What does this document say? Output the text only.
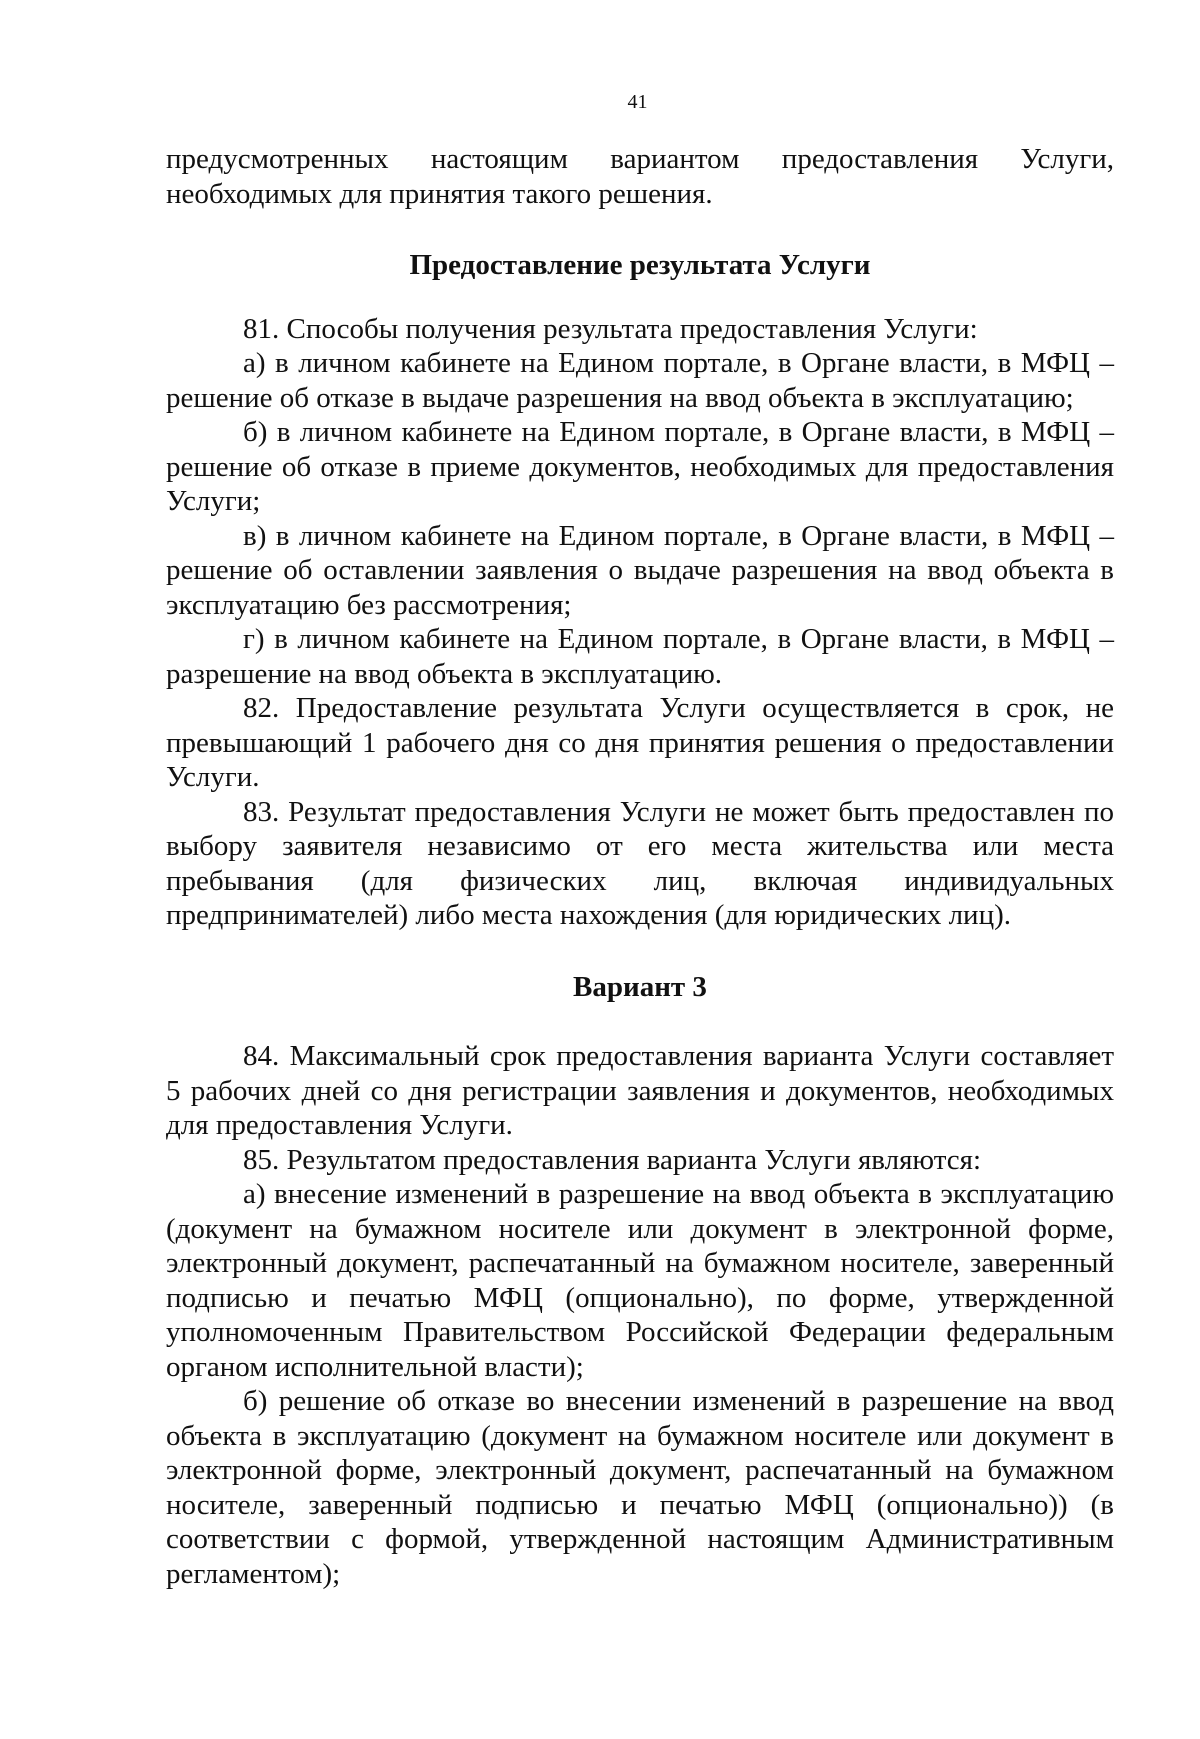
41

предусмотренных настоящим вариантом предоставления Услуги,

необходимых для принятия такого решения.

Предоставление результата Услуги

81. Способы получения результата предоставления Услуги:

а) в личном кабинете на Едином портале, в Органе власти, в МФЦ – решение об отказе в выдаче разрешения на ввод объекта в эксплуатацию;

б) в личном кабинете на Едином портале, в Органе власти, в МФЦ – решение об отказе в приеме документов, необходимых для предоставления Услуги;

в) в личном кабинете на Едином портале, в Органе власти, в МФЦ – решение об оставлении заявления о выдаче разрешения на ввод объекта в эксплуатацию без рассмотрения;

г) в личном кабинете на Едином портале, в Органе власти, в МФЦ – разрешение на ввод объекта в эксплуатацию.

82. Предоставление результата Услуги осуществляется в срок, не превышающий 1 рабочего дня со дня принятия решения о предоставлении Услуги.

83. Результат предоставления Услуги не может быть предоставлен по выбору заявителя независимо от его места жительства или места пребывания (для физических лиц, включая индивидуальных предпринимателей) либо места нахождения (для юридических лиц).

Вариант 3

84. Максимальный срок предоставления варианта Услуги составляет 5 рабочих дней со дня регистрации заявления и документов, необходимых для предоставления Услуги.

85. Результатом предоставления варианта Услуги являются:

а) внесение изменений в разрешение на ввод объекта в эксплуатацию (документ на бумажном носителе или документ в электронной форме, электронный документ, распечатанный на бумажном носителе, заверенный подписью и печатью МФЦ (опционально), по форме, утвержденной уполномоченным Правительством Российской Федерации федеральным органом исполнительной власти);

б) решение об отказе во внесении изменений в разрешение на ввод объекта в эксплуатацию (документ на бумажном носителе или документ в электронной форме, электронный документ, распечатанный на бумажном носителе, заверенный подписью и печатью МФЦ (опционально)) (в соответствии с формой, утвержденной настоящим Административным регламентом);
